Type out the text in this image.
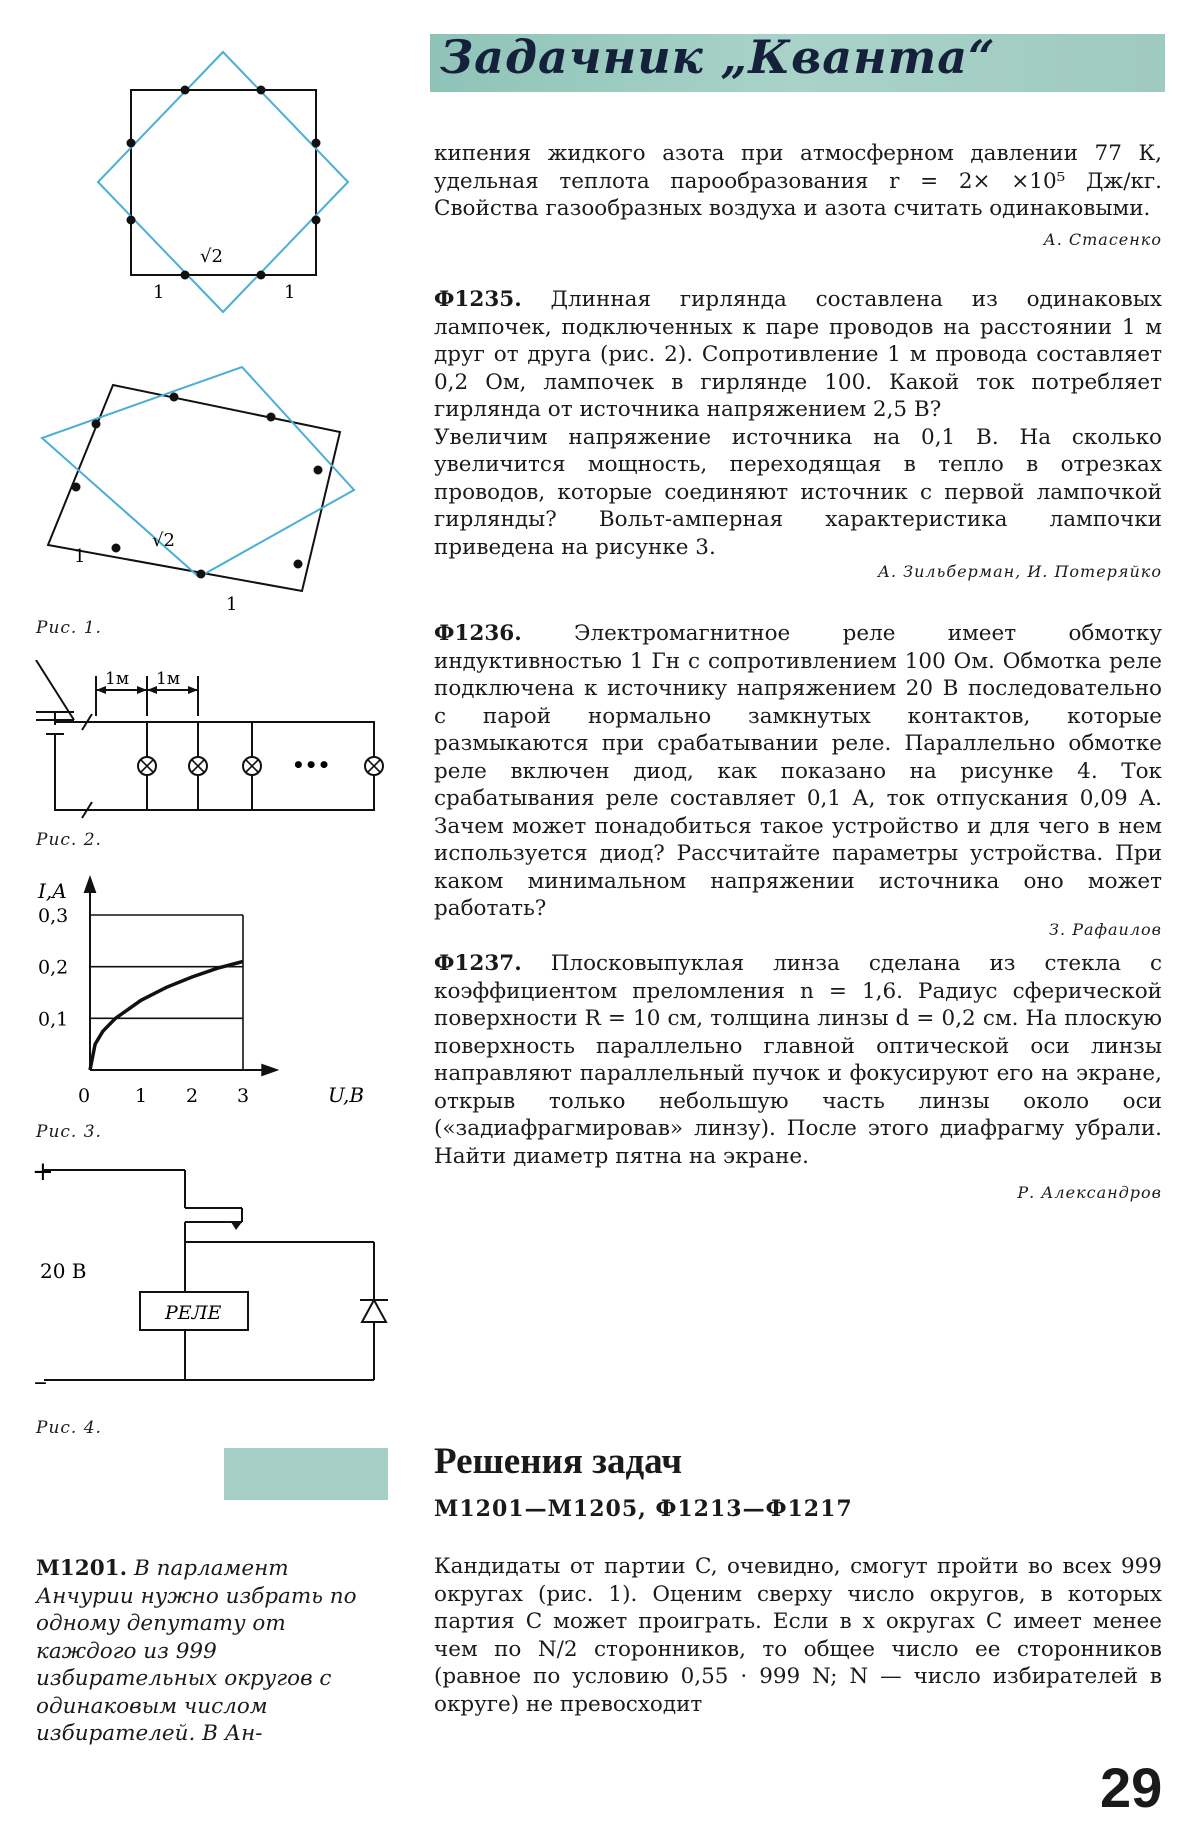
Задачник „Кванта“

кипения жидкого азота при атмосферном давлении 77 К, удельная теплота парообразования r = 2× ×10⁵ Дж/кг. Свойства газообразных воздуха и азота считать одинаковыми.

А. Стасенко

Ф1235. Длинная гирлянда составлена из одинаковых лампочек, подключенных к паре проводов на расстоянии 1 м друг от друга (рис. 2). Сопротивление 1 м провода составляет 0,2 Ом, лампочек в гирлянде 100. Какой ток потребляет гирлянда от источника напряжением 2,5 В?

Увеличим напряжение источника на 0,1 В. На сколько увеличится мощность, переходящая в тепло в отрезках проводов, которые соединяют источник с первой лампочкой гирлянды? Вольт-амперная характеристика лампочки приведена на рисунке 3.

А. Зильберман, И. Потеряйко

Ф1236. Электромагнитное реле имеет обмотку индуктивностью 1 Гн с сопротивлением 100 Ом. Обмотка реле подключена к источнику напряжением 20 В последовательно с парой нормально замкнутых контактов, которые размыкаются при срабатывании реле. Параллельно обмотке реле включен диод, как показано на рисунке 4. Ток срабатывания реле составляет 0,1 А, ток отпускания 0,09 А. Зачем может понадобиться такое устройство и для чего в нем используется диод? Рассчитайте параметры устройства. При каком минимальном напряжении источника оно может работать?

З. Рафаилов

Ф1237. Плосковыпуклая линза сделана из стекла с коэффициентом преломления n = 1,6. Радиус сферической поверхности R = 10 см, толщина линзы d = 0,2 см. На плоскую поверхность параллельно главной оптической оси линзы направляют параллельный пучок и фокусируют его на экране, открыв только небольшую часть линзы около оси («задиафрагмировав» линзу). После этого диафрагму убрали. Найти диаметр пятна на экране.

Р. Александров
Решения задач
М1201—М1205, Ф1213—Ф1217
Кандидаты от партии C, очевидно, смогут пройти во всех 999 округах (рис. 1). Оценим сверху число округов, в которых партия C может проиграть. Если в x округах C имеет менее чем по N/2 сторонников, то общее число ее сторонников (равное по условию 0,55 · 999 N; N — число избирателей в округе) не превосходит
М1201. В парламент Анчурии нужно избрать по одному депутату от каждого из 999 избирательных округов с одинаковым числом избирателей. В Ан-
29
√2
1	1
√2
1
1
Рис. 1.
1м 1м
•••
Рис. 2.
I,A
U,B
0,3
0,2
0,1
0 1 2 3
Рис. 3.
+
–
20 В
РЕЛЕ
Рис. 4.
